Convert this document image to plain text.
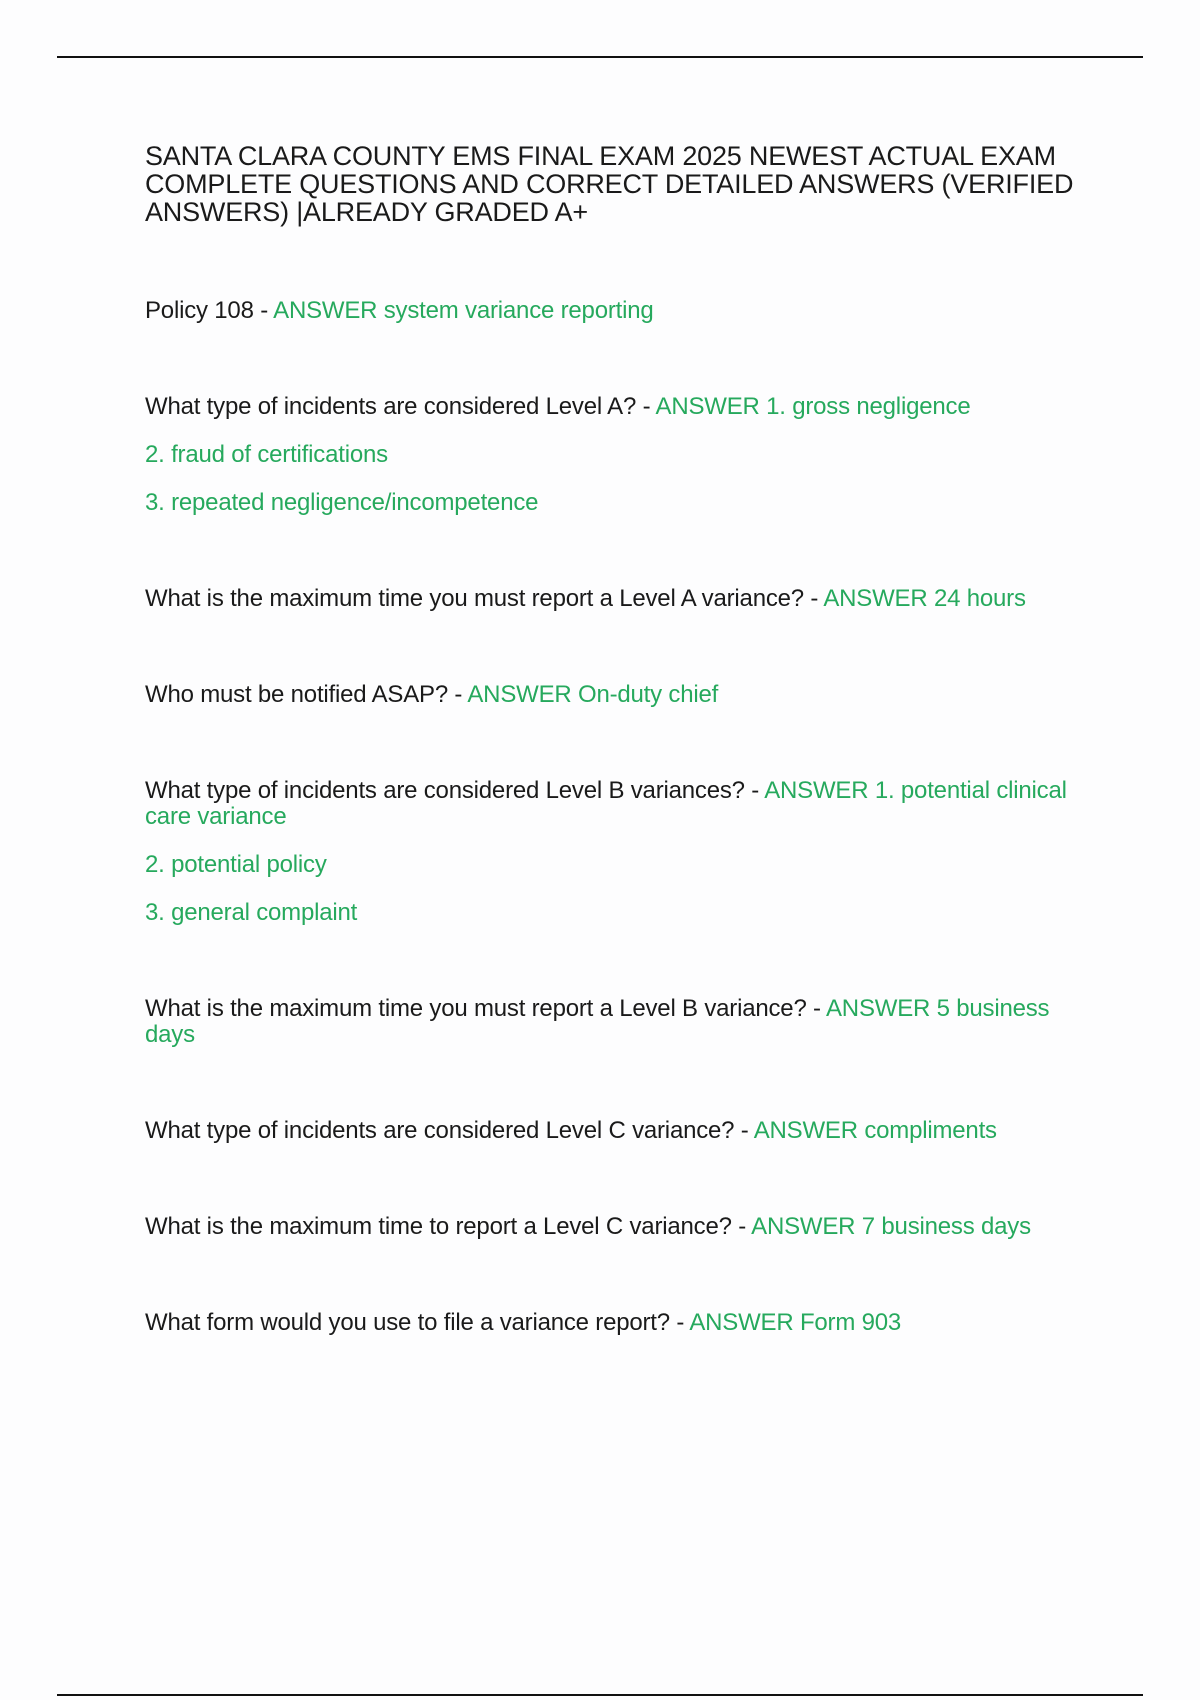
SANTA CLARA COUNTY EMS FINAL EXAM 2025 NEWEST ACTUAL EXAM COMPLETE QUESTIONS AND CORRECT DETAILED ANSWERS (VERIFIED ANSWERS) |ALREADY GRADED A+
Policy 108 - ANSWER system variance reporting
What type of incidents are considered Level A? - ANSWER 1. gross negligence
2. fraud of certifications
3. repeated negligence/incompetence
What is the maximum time you must report a Level A variance? - ANSWER 24 hours
Who must be notified ASAP? - ANSWER On-duty chief
What type of incidents are considered Level B variances? - ANSWER 1. potential clinical care variance
2. potential policy
3. general complaint
What is the maximum time you must report a Level B variance? - ANSWER 5 business days
What type of incidents are considered Level C variance? - ANSWER compliments
What is the maximum time to report a Level C variance? - ANSWER 7 business days
What form would you use to file a variance report? - ANSWER Form 903
